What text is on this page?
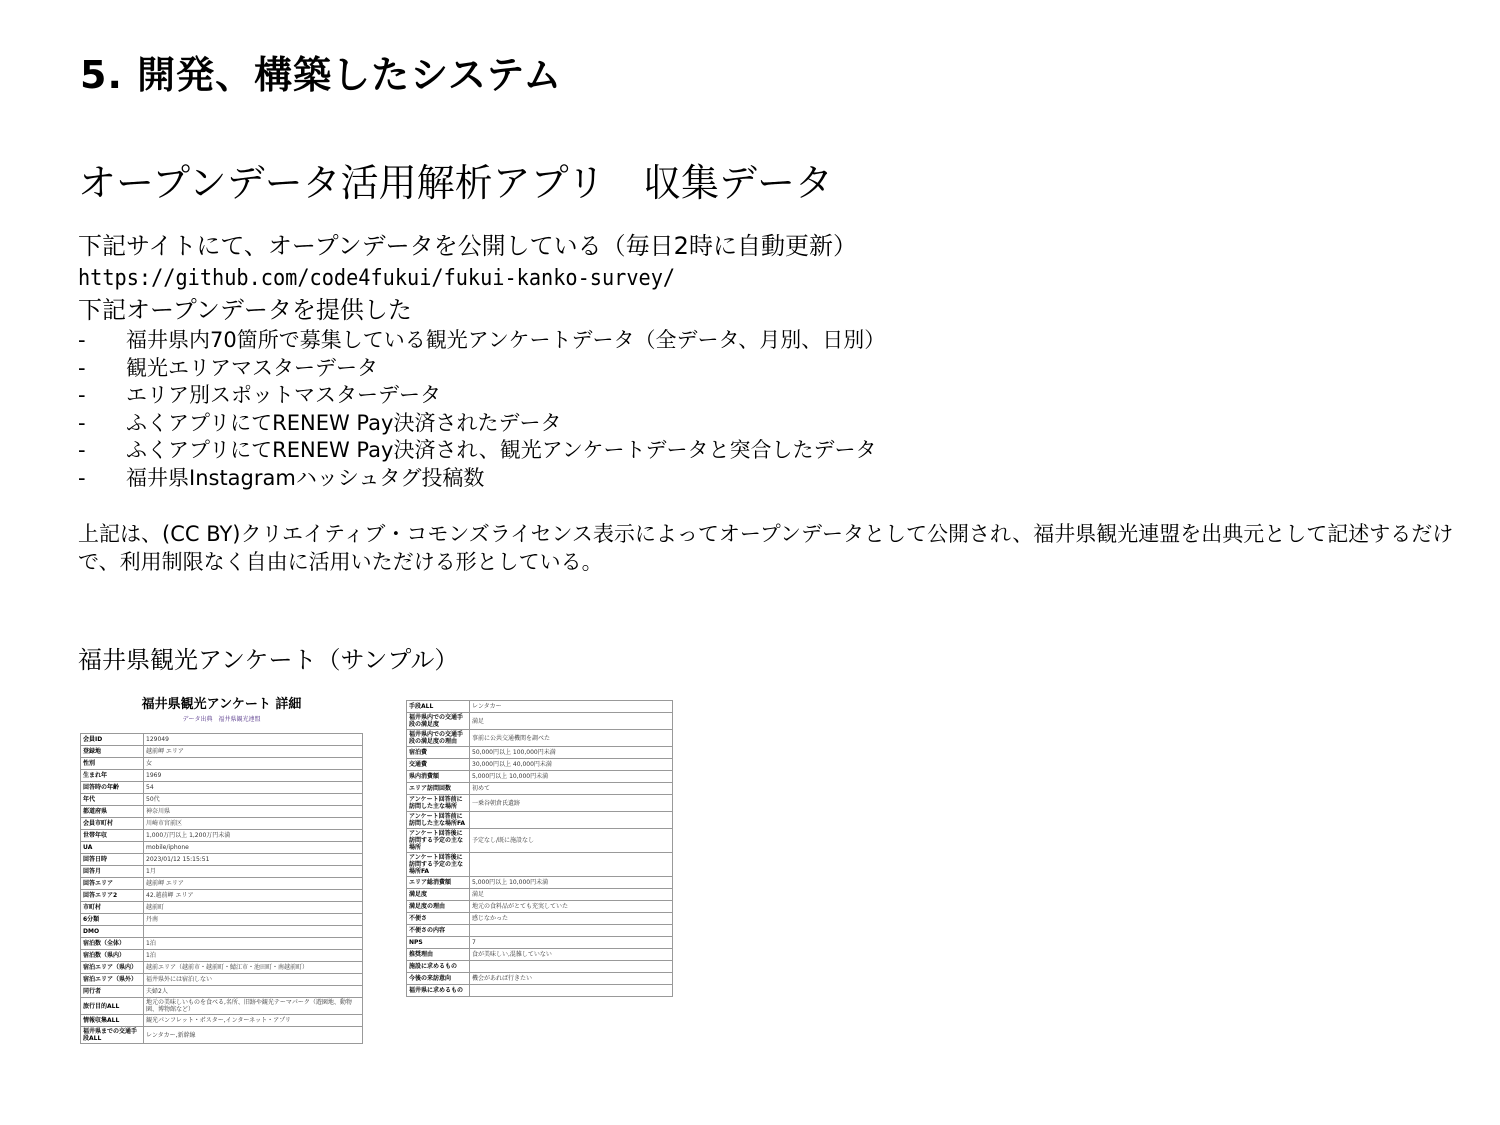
5. 開発、構築したシステム
オープンデータ活用解析アプリ　収集データ
下記サイトにて、オープンデータを公開している（毎日2時に自動更新）
https://github.com/code4fukui/fukui-kanko-survey/
下記オープンデータを提供した
-	福井県内70箇所で募集している観光アンケートデータ（全データ、月別、日別）
-	観光エリアマスターデータ
-	エリア別スポットマスターデータ
-	ふくアプリにてRENEW Pay決済されたデータ
-	ふくアプリにてRENEW Pay決済され、観光アンケートデータと突合したデータ
-	福井県Instagramハッシュタグ投稿数
上記は、(CC BY)クリエイティブ・コモンズライセンス表示によってオープンデータとして公開され、福井県観光連盟を出典元として記述するだけで、利用制限なく自由に活用いただける形としている。
福井県観光アンケート（サンプル）
福井県観光アンケート 詳細
データ出典　福井県観光連盟
会員ID	129049
登録地	越前岬 エリア
性別	女
生まれ年	1969
回答時の年齢	54
年代	50代
都道府県	神奈川県
会員市町村	川崎市宮前区
世帯年収	1,000万円以上 1,200万円未満
UA	mobile/iphone
回答日時	2023/01/12 15:15:51
回答月	1月
回答エリア	越前岬 エリア
回答エリア2	42.越前岬 エリア
市町村	越前町
6分類	丹南
DMO	
宿泊数（全体）	1泊
宿泊数（県内）	1泊
宿泊エリア（県内）	越前エリア（越前市・越前町・鯖江市・池田町・南越前町）
宿泊エリア（県外）	福井県外には宿泊しない
同行者	夫婦2人
旅行目的ALL	地元の美味しいものを食べる,名所、旧跡や観光テーマパーク（遊園地、動物園、博物館など）
情報収集ALL	観光パンフレット・ポスター,インターネット・アプリ
福井県までの交通手段ALL	レンタカー,新幹線
手段ALL	レンタカー
福井県内での交通手段の満足度	満足
福井県内での交通手段の満足度の理由	事前に公共交通機関を調べた
宿泊費	50,000円以上 100,000円未満
交通費	30,000円以上 40,000円未満
県内消費額	5,000円以上 10,000円未満
エリア訪問回数	初めて
アンケート回答前に訪問した主な場所	一乗谷朝倉氏遺跡
アンケート回答前に訪問した主な場所FA	
アンケート回答後に訪問する予定の主な場所	予定なし/既に施設なし
アンケート回答後に訪問する予定の主な場所FA	
エリア総消費額	5,000円以上 10,000円未満
満足度	満足
満足度の理由	地元の食料品がとても充実していた
不便さ	感じなかった
不便さの内容	
NPS	7
推奨理由	食が美味しい,混雑していない
施設に求めるもの	
今後の来訪意向	機会があれば行きたい
福井県に求めるもの	
